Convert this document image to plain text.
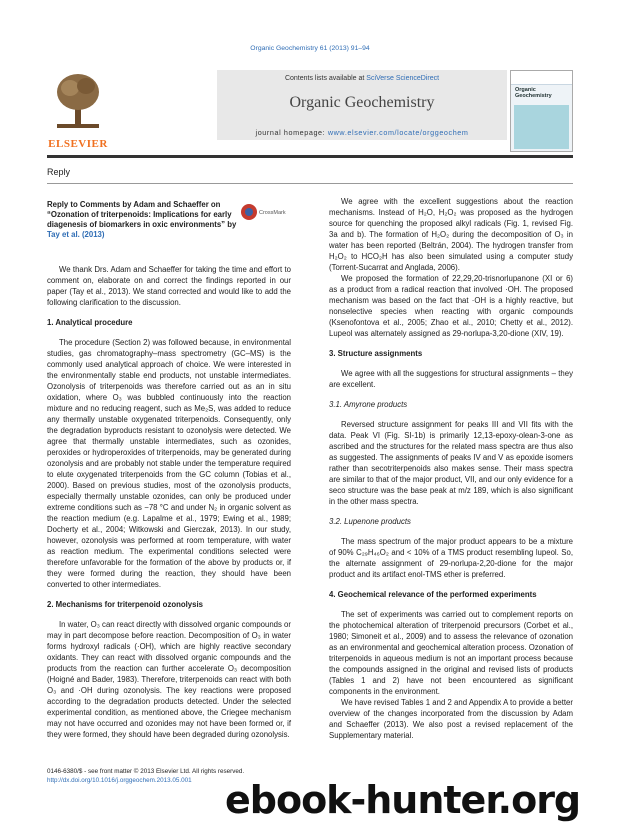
Organic Geochemistry 61 (2013) 91–94
ELSEVIER
Contents lists available at SciVerse ScienceDirect
Organic Geochemistry
journal homepage: www.elsevier.com/locate/orggeochem
Organic Geochemistry
Reply
Reply to Comments by Adam and Schaeffer on “Ozonation of triterpenoids: Implications for early diagenesis of biomarkers in oxic environments” by Tay et al. (2013)
CrossMark

We thank Drs. Adam and Schaeffer for taking the time and effort to comment on, elaborate on and correct the findings reported in our paper (Tay et al., 2013). We stand corrected and would like to add the following clarification to the discussion.

1. Analytical procedure

The procedure (Section 2) was followed because, in environmental studies, gas chromatography–mass spectrometry (GC–MS) is the commonly used analytical approach of choice. We were interested in the environmentally stable end products, not unstable intermediates. Ozonolysis of triterpenoids was therefore carried out as an in situ oxidation, where O₃ was bubbled continuously into the reaction mixture and no reducing reagent, such as Me₂S, was added to reduce any thermally unstable oxygenated triterpenoids. Consequently, only the degradation byproducts resistant to ozonolysis were detected. We agree that thermally unstable intermediates, such as ozonides, peroxides or hydroperoxides of triterpenoids, may be generated during ozonolysis and are probably not stable under the temperature required to elute oxygenated triterpenoids from the GC column (Tobias et al., 2000). Based on previous studies, most of the ozonolysis products, especially thermally unstable ozonides, can only be produced under extreme conditions such as −78 °C and under N₂ in organic solvent as the reaction medium (e.g. Lapalme et al., 1979; Ewing et al., 1989; Docherty et al., 2004; Witkowski and Gierczak, 2013). In our study, however, ozonolysis was performed at room temperature, with water as reaction medium. The experimental conditions selected were therefore unfavorable for the formation of the above by products or, if they were formed during the reaction, they should have been converted to other intermediates.

2. Mechanisms for triterpenoid ozonolysis

In water, O₃ can react directly with dissolved organic compounds or may in part decompose before reaction. Decomposition of O₃ in water forms hydroxyl radicals (·OH), which are highly reactive secondary oxidants. They can react with dissolved organic compounds and the products from the reaction can further accelerate O₃ decomposition (Hoigné and Bader, 1983). Therefore, triterpenoids can react with both O₃ and ·OH during ozonolysis. The key reactions were proposed according to the degradation products detected. Under the selected experimental condition, as mentioned above, the Criegee mechanism may not have occurred and ozonides may not have been formed or, if they were formed, they should have been degraded during ozonolysis.

We agree with the excellent suggestions about the reaction mechanisms. Instead of H₂O, H₂O₂ was proposed as the hydrogen source for quenching the proposed alkyl radicals (Fig. 1, revised Fig. 3a and b). The formation of H₂O₂ during the decomposition of O₃ in water has been reported (Beltrán, 2004). The hydrogen transfer from H₂O₂ to HCO₂H has also been simulated using a computer study (Torrent-Sucarrat and Anglada, 2006).

We proposed the formation of 22,29,20-trisnorlupanone (XI or 6) as a product from a radical reaction that involved ·OH. The proposed mechanism was based on the fact that ·OH is a highly reactive, but nonselective species when reacting with organic compounds (Ksenofontova et al., 2005; Zhao et al., 2010; Chetty et al., 2012). Lupeol was alternately assigned as 29-norlupa-3,20-dione (XIV, 19).

3. Structure assignments

We agree with all the suggestions for structural assignments – they are excellent.

3.1. Amyrone products

Reversed structure assignment for peaks III and VII fits with the data. Peak VI (Fig. SI-1b) is primarily 12,13-epoxy-olean-3-one as ascribed and the structures for the related mass spectra are thus also as suggested. The assignments of peaks IV and V as epoxide isomers rather than secotriterpenoids also makes sense. Their mass spectra are similar to that of the major product, VII, and our only evidence for a seco structure was the base peak at m/z 189, which is also significant in the other mass spectra.

3.2. Lupenone products

The mass spectrum of the major product appears to be a mixture of 90% C₂₉H₄₆O₂ and < 10% of a TMS product resembling lupeol. So, the alternate assignment of 29-norlupa-2,20-dione for the major product and its artifact enol-TMS ether is preferred.

4. Geochemical relevance of the performed experiments

The set of experiments was carried out to complement reports on the photochemical alteration of triterpenoid precursors (Corbet et al., 1980; Simoneit et al., 2009) and to assess the relevance of ozonation as an environmental and geochemical alteration process. Ozonation of triterpenoids in aqueous medium is not an important process because the compounds assigned in the original and revised lists of products (Tables 1 and 2) have not been encountered as significant components in the environment.

We have revised Tables 1 and 2 and Appendix A to provide a better overview of the changes incorporated from the discussion by Adam and Schaeffer (2013). We also post a revised replacement of the Supplementary material.

0146-6380/$ - see front matter © 2013 Elsevier Ltd. All rights reserved.
http://dx.doi.org/10.1016/j.orggeochem.2013.05.001 ebook-hunter.org
